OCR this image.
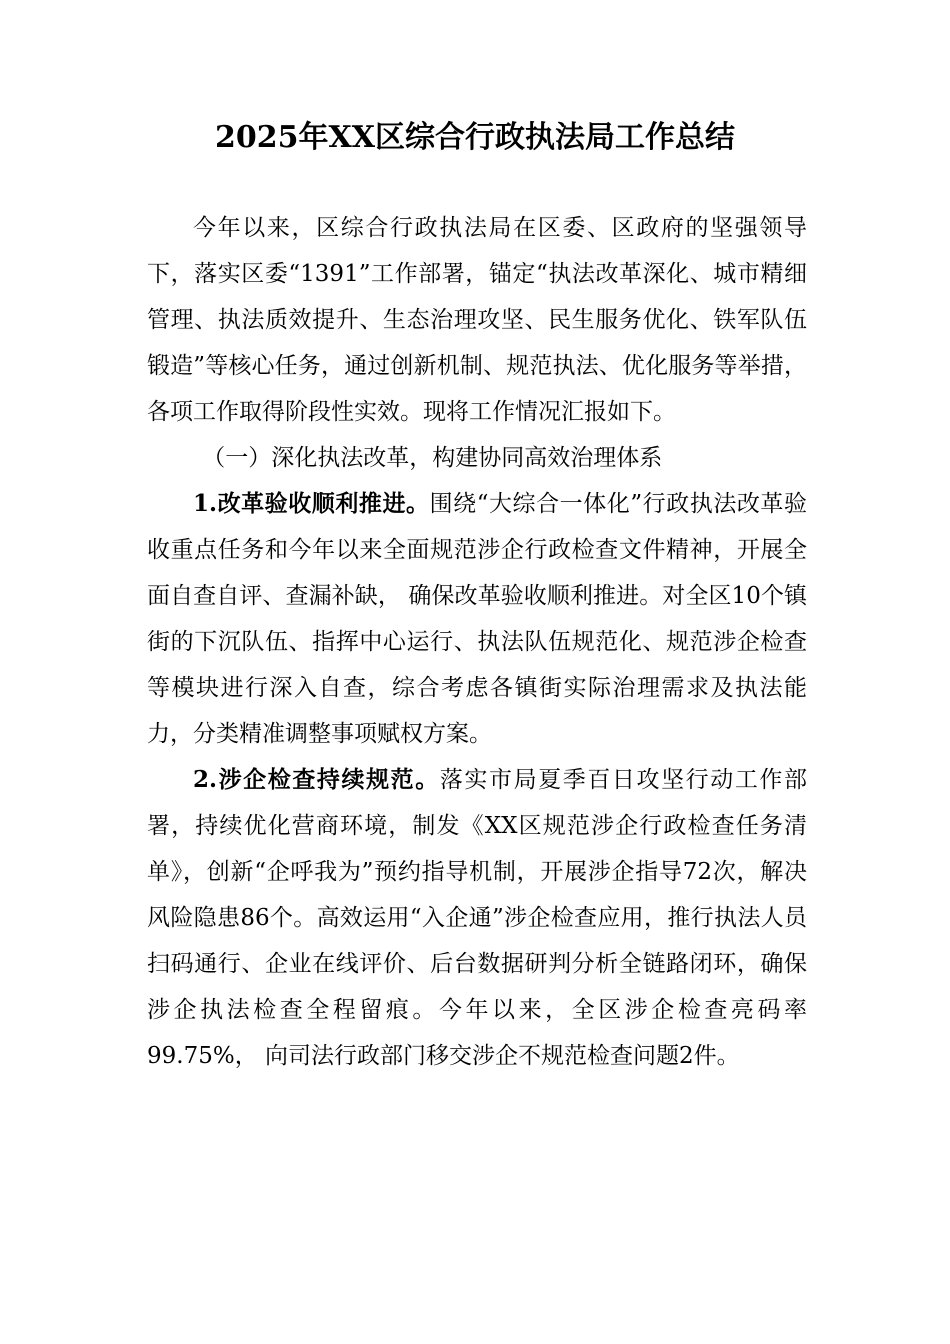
2025年XX区综合行政执法局工作总结

今年以来，区综合行政执法局在区委、区政府的坚强领导下，落实区委“1391”工作部署，锚定“执法改革深化、城市精细管理、执法质效提升、生态治理攻坚、民生服务优化、铁军队伍锻造”等核心任务，通过创新机制、规范执法、优化服务等举措，各项工作取得阶段性实效。现将工作情况汇报如下。

（一）深化执法改革，构建协同高效治理体系

1.改革验收顺利推进。围绕“大综合一体化”行政执法改革验收重点任务和今年以来全面规范涉企行政检查文件精神，开展全面自查自评、查漏补缺， 确保改革验收顺利推进。对全区10个镇街的下沉队伍、指挥中心运行、执法队伍规范化、规范涉企检查等模块进行深入自查，综合考虑各镇街实际治理需求及执法能力，分类精准调整事项赋权方案。

2.涉企检查持续规范。落实市局夏季百日攻坚行动工作部署，持续优化营商环境，制发《XX区规范涉企行政检查任务清单》，创新“企呼我为”预约指导机制，开展涉企指导72次，解决风险隐患86个。高效运用“入企通”涉企检查应用，推行执法人员扫码通行、企业在线评价、后台数据研判分析全链路闭环，确保涉企执法检查全程留痕。今年以来，全区涉企检查亮码率99.75%， 向司法行政部门移交涉企不规范检查问题2件。
